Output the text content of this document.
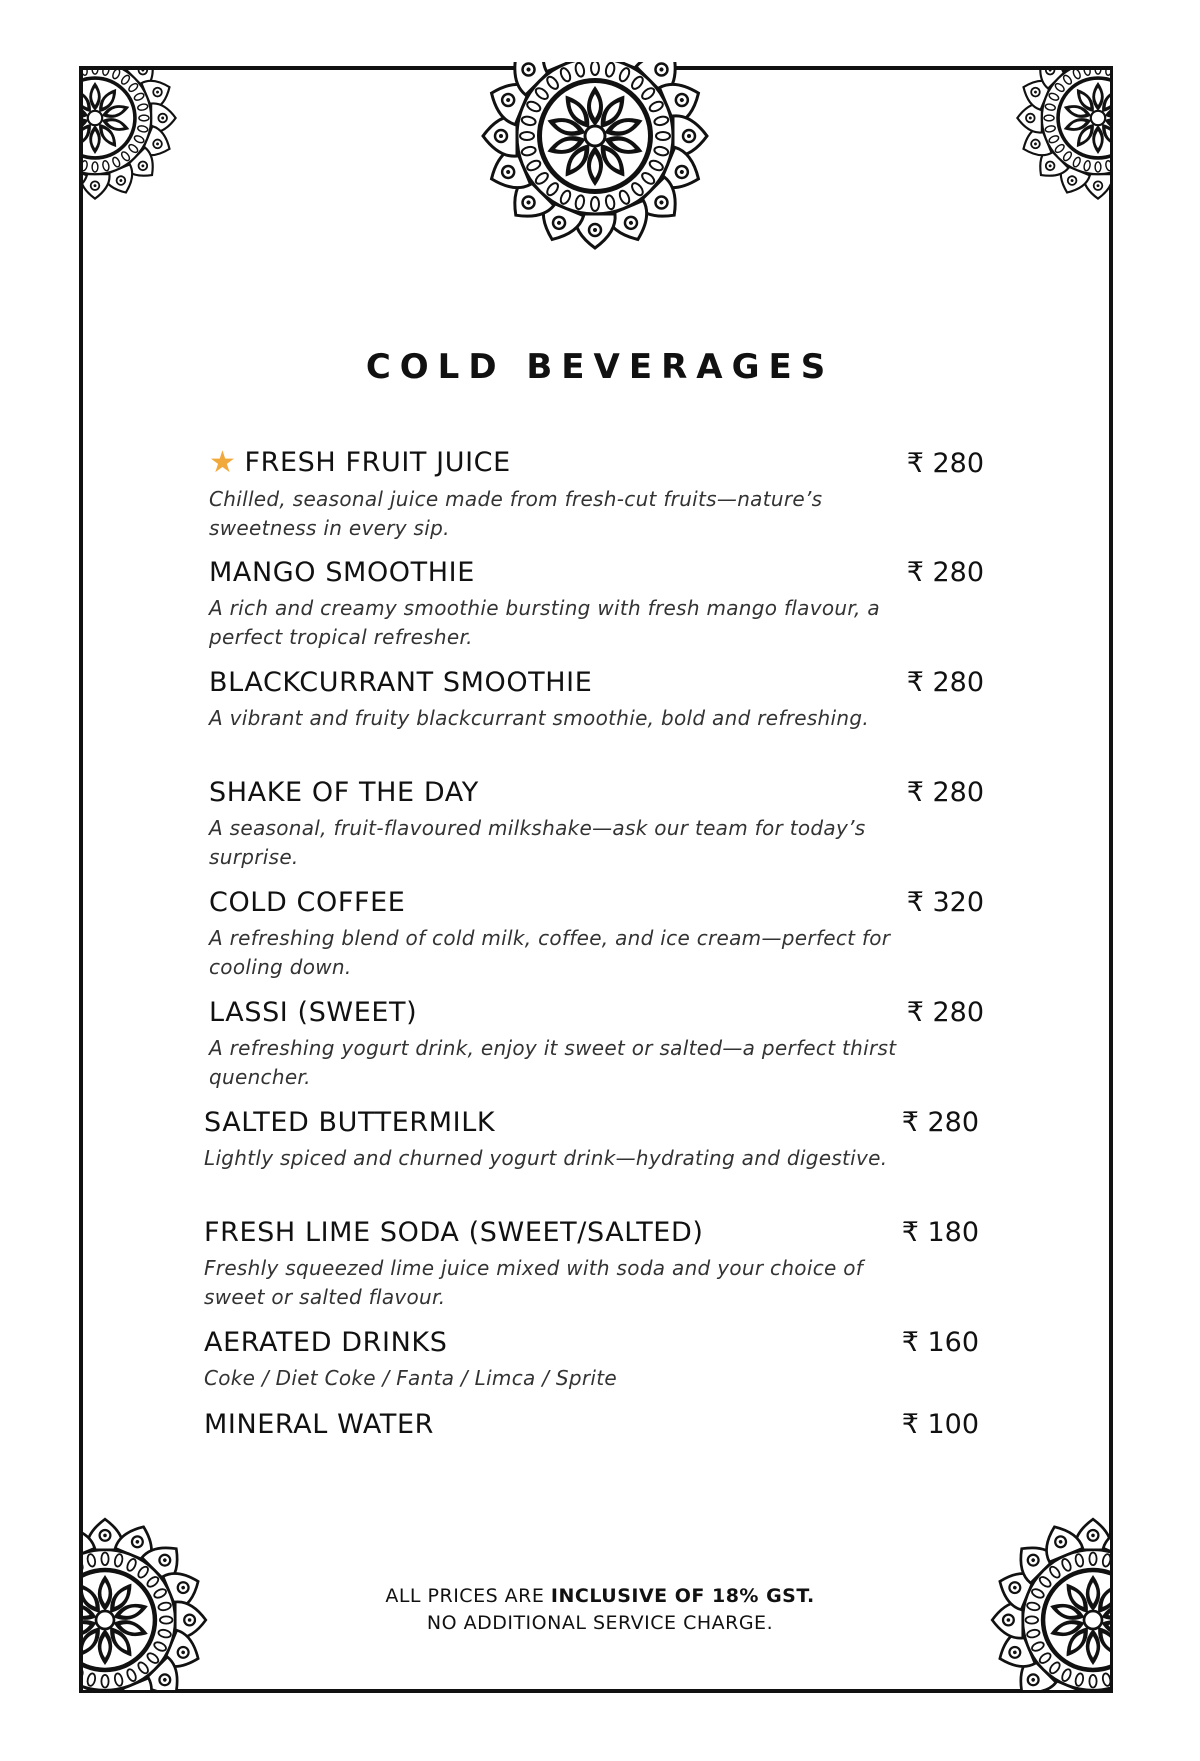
COLD BEVERAGES
★ FRESH FRUIT JUICE	₹ 280
Chilled, seasonal juice made from fresh-cut fruits—nature’s sweetness in every sip.
MANGO SMOOTHIE	₹ 280
A rich and creamy smoothie bursting with fresh mango flavour, a perfect tropical refresher.
BLACKCURRANT SMOOTHIE	₹ 280
A vibrant and fruity blackcurrant smoothie, bold and refreshing.
SHAKE OF THE DAY	₹ 280
A seasonal, fruit-flavoured milkshake—ask our team for today’s surprise.
COLD COFFEE	₹ 320
A refreshing blend of cold milk, coffee, and ice cream—perfect for cooling down.
LASSI (SWEET)	₹ 280
A refreshing yogurt drink, enjoy it sweet or salted—a perfect thirst quencher.
SALTED BUTTERMILK	₹ 280
Lightly spiced and churned yogurt drink—hydrating and digestive.
FRESH LIME SODA (SWEET/SALTED)	₹ 180
Freshly squeezed lime juice mixed with soda and your choice of sweet or salted flavour.
AERATED DRINKS	₹ 160
Coke / Diet Coke / Fanta / Limca / Sprite
MINERAL WATER	₹ 100
ALL PRICES ARE INCLUSIVE OF 18% GST.
NO ADDITIONAL SERVICE CHARGE.
